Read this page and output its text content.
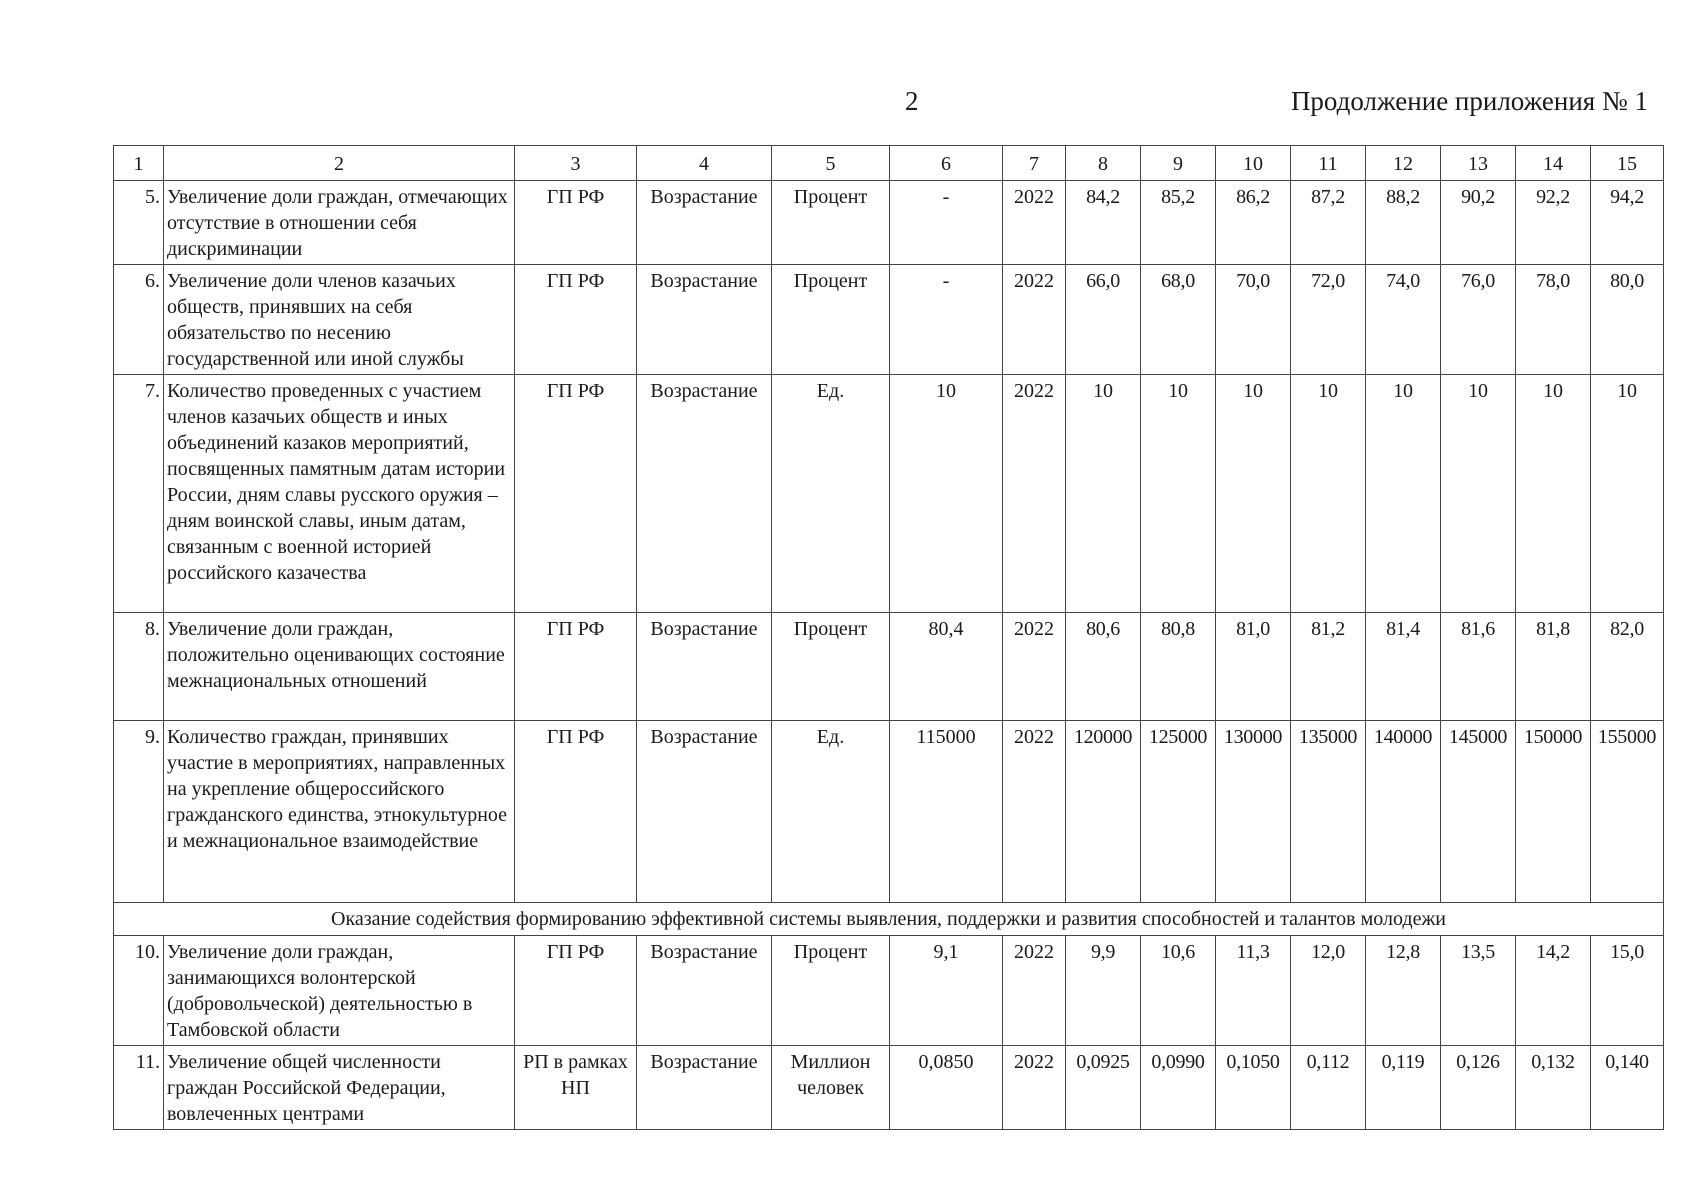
2	Продолжение приложения № 1
1	2	3	4	5	6	7	8	9	10	11	12	13	14	15
5.	Увеличение доли граждан, отмечающих отсутствие в отношении себя дискриминации	ГП РФ	Возрастание	Процент	-	2022	84,2	85,2	86,2	87,2	88,2	90,2	92,2	94,2
6.	Увеличение доли членов казачьих обществ, принявших на себя обязательство по несению государственной или иной службы	ГП РФ	Возрастание	Процент	-	2022	66,0	68,0	70,0	72,0	74,0	76,0	78,0	80,0
7.	Количество проведенных с участием членов казачьих обществ и иных объединений казаков мероприятий, посвященных памятным датам истории России, дням славы русского оружия – дням воинской славы, иным датам, связанным с военной историей российского казачества	ГП РФ	Возрастание	Ед.	10	2022	10	10	10	10	10	10	10	10
8.	Увеличение доли граждан, положительно оценивающих состояние межнациональных отношений	ГП РФ	Возрастание	Процент	80,4	2022	80,6	80,8	81,0	81,2	81,4	81,6	81,8	82,0
9.	Количество граждан, принявших участие в мероприятиях, направленных на укрепление общероссийского гражданского единства, этнокультурное и межнациональное взаимодействие	ГП РФ	Возрастание	Ед.	115000	2022	120000	125000	130000	135000	140000	145000	150000	155000
Оказание содействия формированию эффективной системы выявления, поддержки и развития способностей и талантов молодежи														
10.	Увеличение доли граждан, занимающихся волонтерской (добровольческой) деятельностью в Тамбовской области	ГП РФ	Возрастание	Процент	9,1	2022	9,9	10,6	11,3	12,0	12,8	13,5	14,2	15,0
11.	Увеличение общей численности граждан Российской Федерации, вовлеченных центрами	РП в рамках НП	Возрастание	Миллион человек	0,0850	2022	0,0925	0,0990	0,1050	0,112	0,119	0,126	0,132	0,140
